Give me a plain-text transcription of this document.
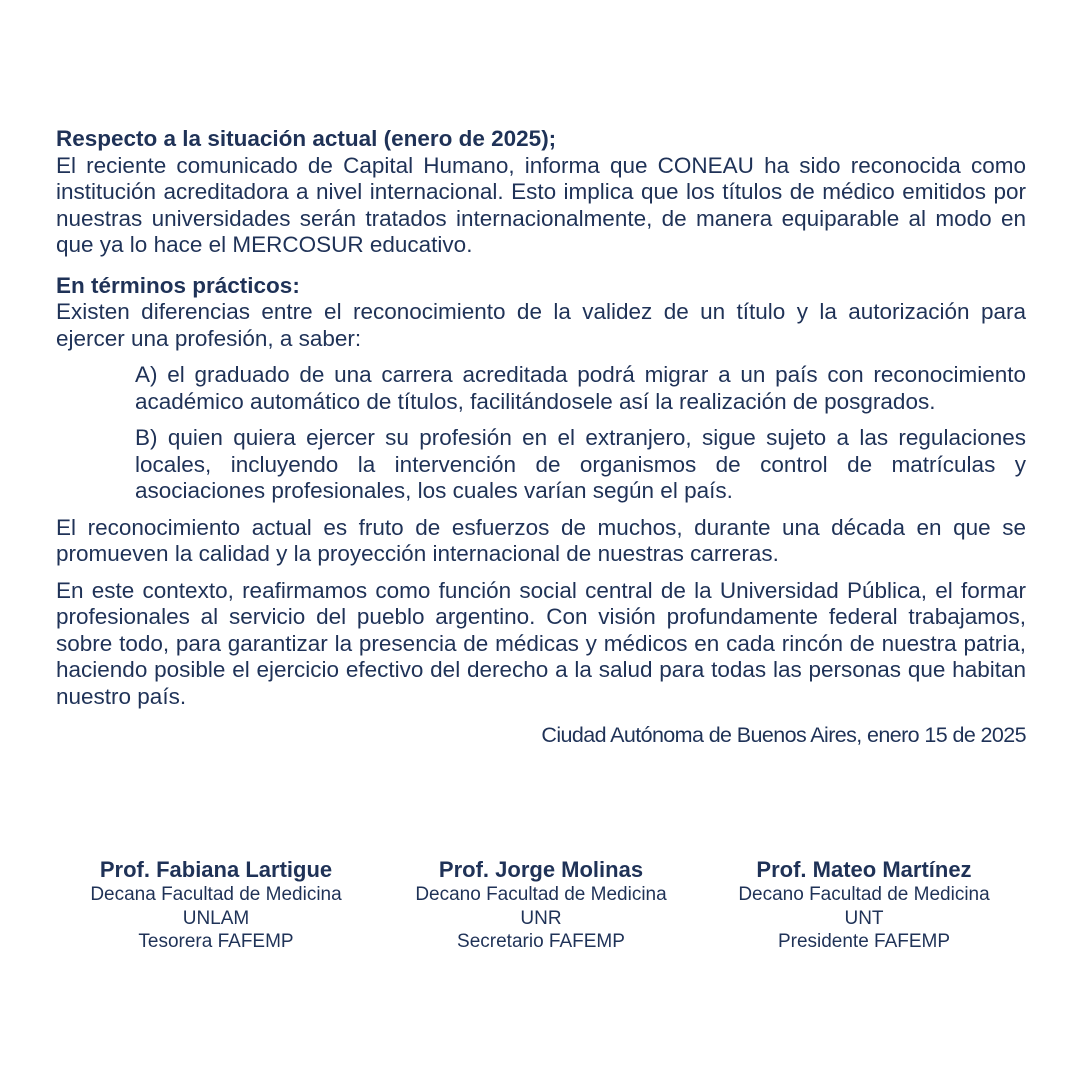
Respecto a la situación actual (enero de 2025);

El reciente comunicado de Capital Humano, informa que CONEAU ha sido reconocida como institución acreditadora a nivel internacional. Esto implica que los títulos de médico emitidos por nuestras universidades serán tratados internacionalmente, de manera equiparable al modo en que ya lo hace el MERCOSUR educativo.

En términos prácticos:

Existen diferencias entre el reconocimiento de la validez de un título y la autorización para ejercer una profesión, a saber:

A) el graduado de una carrera acreditada podrá migrar a un país con reconocimiento académico automático de títulos, facilitándosele así la realización de posgrados.

B) quien quiera ejercer su profesión en el extranjero, sigue sujeto a las regulaciones locales, incluyendo la intervención de organismos de control de matrículas y asociaciones profesionales, los cuales varían según el país.

El reconocimiento actual es fruto de esfuerzos de muchos, durante una década en que se promueven la calidad y la proyección internacional de nuestras carreras.

En este contexto, reafirmamos como función social central de la Universidad Pública, el formar profesionales al servicio del pueblo argentino. Con visión profundamente federal trabajamos, sobre todo, para garantizar la presencia de médicas y médicos en cada rincón de nuestra patria, haciendo posible el ejercicio efectivo del derecho a la salud para todas las personas que habitan nuestro país.

Ciudad Autónoma de Buenos Aires, enero 15 de 2025

Prof. Fabiana Lartigue
Decana Facultad de Medicina
UNLAM
Tesorera FAFEMP
Prof. Jorge Molinas
Decano Facultad de Medicina
UNR
Secretario FAFEMP
Prof. Mateo Martínez
Decano Facultad de Medicina
UNT
Presidente FAFEMP
